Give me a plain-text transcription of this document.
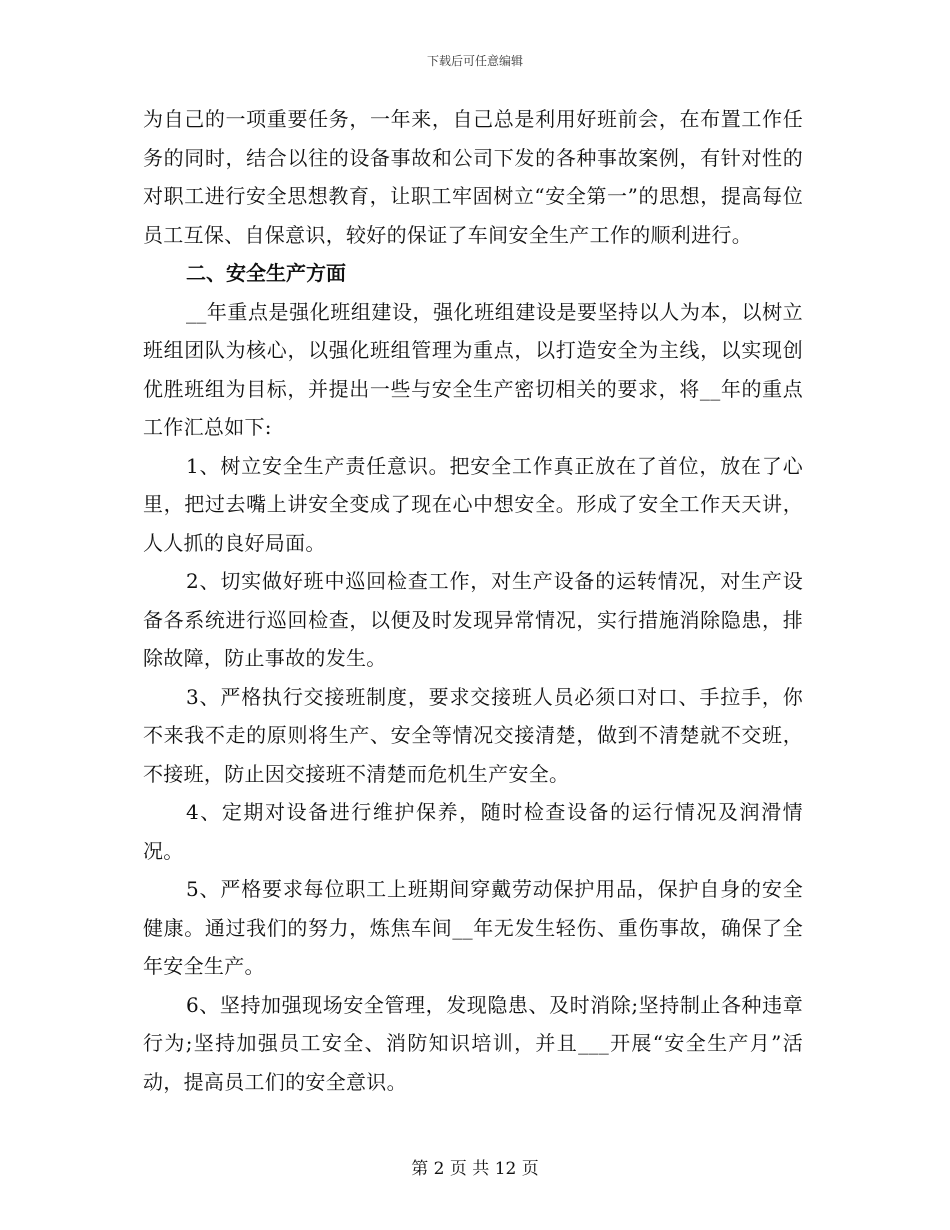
下载后可任意编辑

为自己的一项重要任务，一年来，自己总是利用好班前会，在布置工作任务的同时，结合以往的设备事故和公司下发的各种事故案例，有针对性的对职工进行安全思想教育，让职工牢固树立“安全第一”的思想，提高每位员工互保、自保意识，较好的保证了车间安全生产工作的顺利进行。

二、安全生产方面

__年重点是强化班组建设，强化班组建设是要坚持以人为本，以树立班组团队为核心，以强化班组管理为重点，以打造安全为主线，以实现创优胜班组为目标，并提出一些与安全生产密切相关的要求，将__年的重点工作汇总如下:

1、树立安全生产责任意识。把安全工作真正放在了首位，放在了心里，把过去嘴上讲安全变成了现在心中想安全。形成了安全工作天天讲，人人抓的良好局面。

2、切实做好班中巡回检查工作，对生产设备的运转情况，对生产设备各系统进行巡回检查，以便及时发现异常情况，实行措施消除隐患，排除故障，防止事故的发生。

3、严格执行交接班制度，要求交接班人员必须口对口、手拉手，你不来我不走的原则将生产、安全等情况交接清楚，做到不清楚就不交班，不接班，防止因交接班不清楚而危机生产安全。

4、定期对设备进行维护保养，随时检查设备的运行情况及润滑情况。

5、严格要求每位职工上班期间穿戴劳动保护用品，保护自身的安全健康。通过我们的努力，炼焦车间__年无发生轻伤、重伤事故，确保了全年安全生产。

6、坚持加强现场安全管理，发现隐患、及时消除;坚持制止各种违章行为;坚持加强员工安全、消防知识培训，并且___开展“安全生产月”活动，提高员工们的安全意识。

第 2 页 共 12 页
